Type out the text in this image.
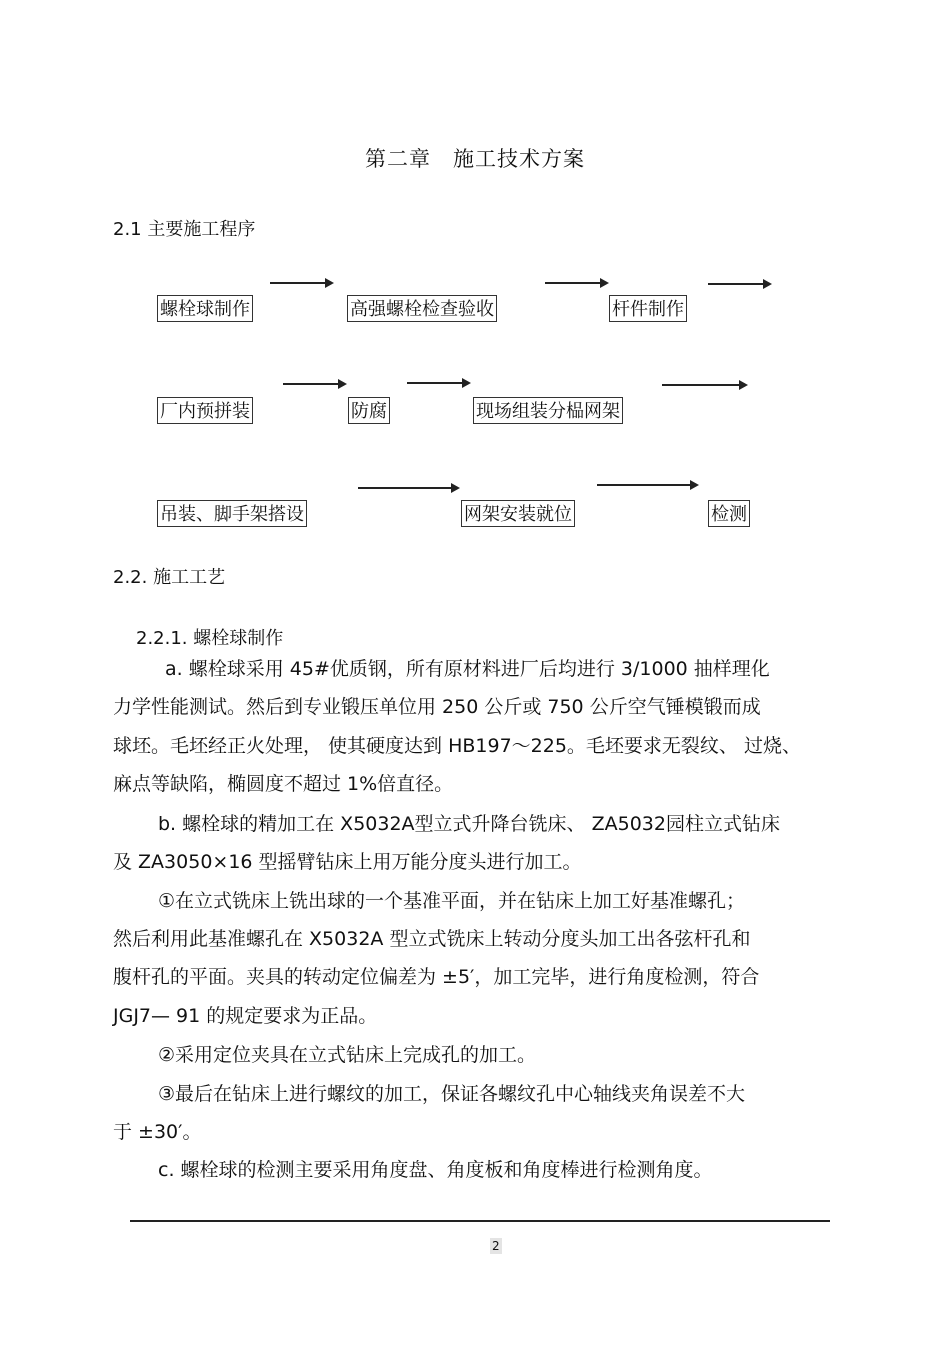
第二章　施工技术方案
2.1 主要施工程序
螺栓球制作	高强螺栓检查验收	杆件制作
厂内预拼装	防腐	现场组装分榀网架
吊装、脚手架搭设	网架安装就位	检测
2.2. 施工工艺
2.2.1. 螺栓球制作
a. 螺栓球采用 45#优质钢，所有原材料进厂后均进行 3/1000 抽样理化
力学性能测试。然后到专业锻压单位用 250 公斤或 750 公斤空气锤模锻而成
球坯。毛坯经正火处理， 使其硬度达到 HB197～225。毛坯要求无裂纹、 过烧、
麻点等缺陷，椭圆度不超过 1%倍直径。
b. 螺栓球的精加工在 X5032A型立式升降台铣床、 ZA5032园柱立式钻床
及 ZA3050×16 型摇臂钻床上用万能分度头进行加工。
①在立式铣床上铣出球的一个基准平面，并在钻床上加工好基准螺孔；
然后利用此基准螺孔在 X5032A 型立式铣床上转动分度头加工出各弦杆孔和
腹杆孔的平面。夹具的转动定位偏差为 ±5′，加工完毕，进行角度检测，符合
JGJ7— 91 的规定要求为正品。
②采用定位夹具在立式钻床上完成孔的加工。
③最后在钻床上进行螺纹的加工，保证各螺纹孔中心轴线夹角误差不大
于 ±30′。
c. 螺栓球的检测主要采用角度盘、角度板和角度棒进行检测角度。
2
